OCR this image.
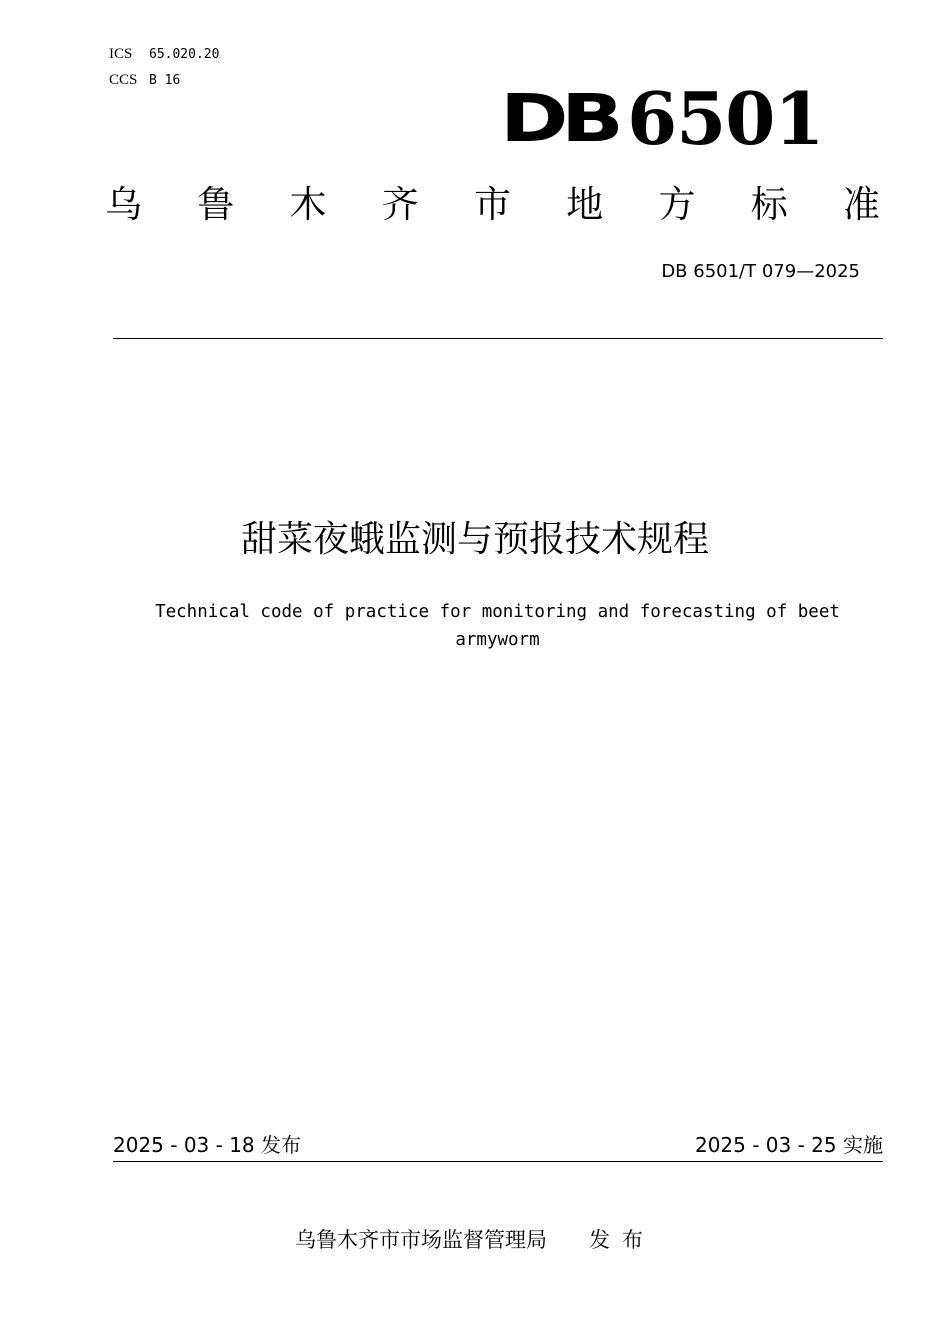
ICS 65.020.20
CCS B 16	DB 6501
乌 鲁 木 齐 市 地 方 标 准
DB 6501/T 079—2025
甜菜夜蛾监测与预报技术规程
Technical code of practice for monitoring and forecasting of beet armyworm
2025 - 03 - 18 发布	2025 - 03 - 25 实施
乌鲁木齐市市场监督管理局 发布
